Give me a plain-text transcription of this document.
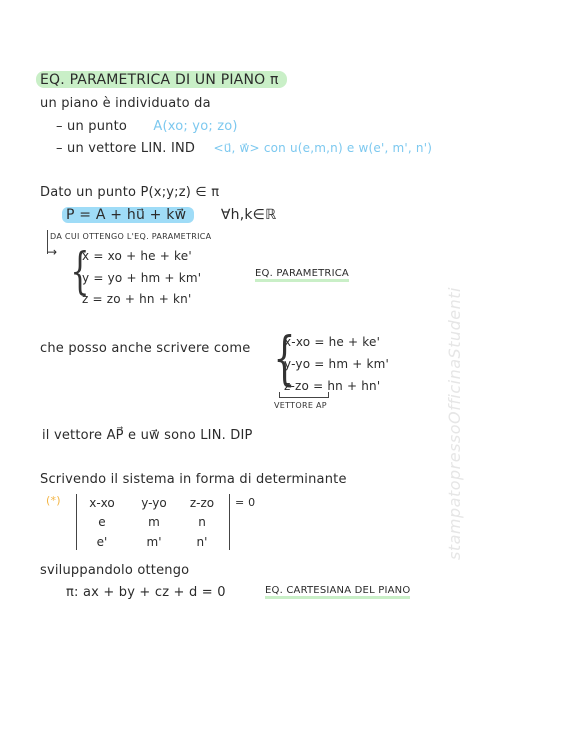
EQ. PARAMETRICA DI UN PIANO π
un piano è individuato da
– un punto A(xo; yo; zo)
– un vettore LIN. IND <u⃗, w⃗> con u(e,m,n) e w(e', m', n')
Dato un punto P(x;y;z) ∈ π
P = A + hu⃗ + kw⃗ ∀h,k∈ℝ
→
DA CUI OTTENGO L'EQ. PARAMETRICA
{
x = xo + he + ke'
y = yo + hm + km'
z = zo + hn + kn'
EQ. PARAMETRICA
che posso anche scrivere come {
x-xo = he + ke'
y-yo = hm + km'
z-zo = hn + hn'
VETTORE AP
il vettore AP⃗ e uw⃗ sono LIN. DIP
Scrivendo il sistema in forma di determinante
(*)	x-xo	y-yo	z-zo
e	m	n
e'	m'	n'
= 0
sviluppandolo ottengo
π: ax + by + cz + d = 0	EQ. CARTESIANA DEL PIANO
stampatopressoOfficinaStudenti
